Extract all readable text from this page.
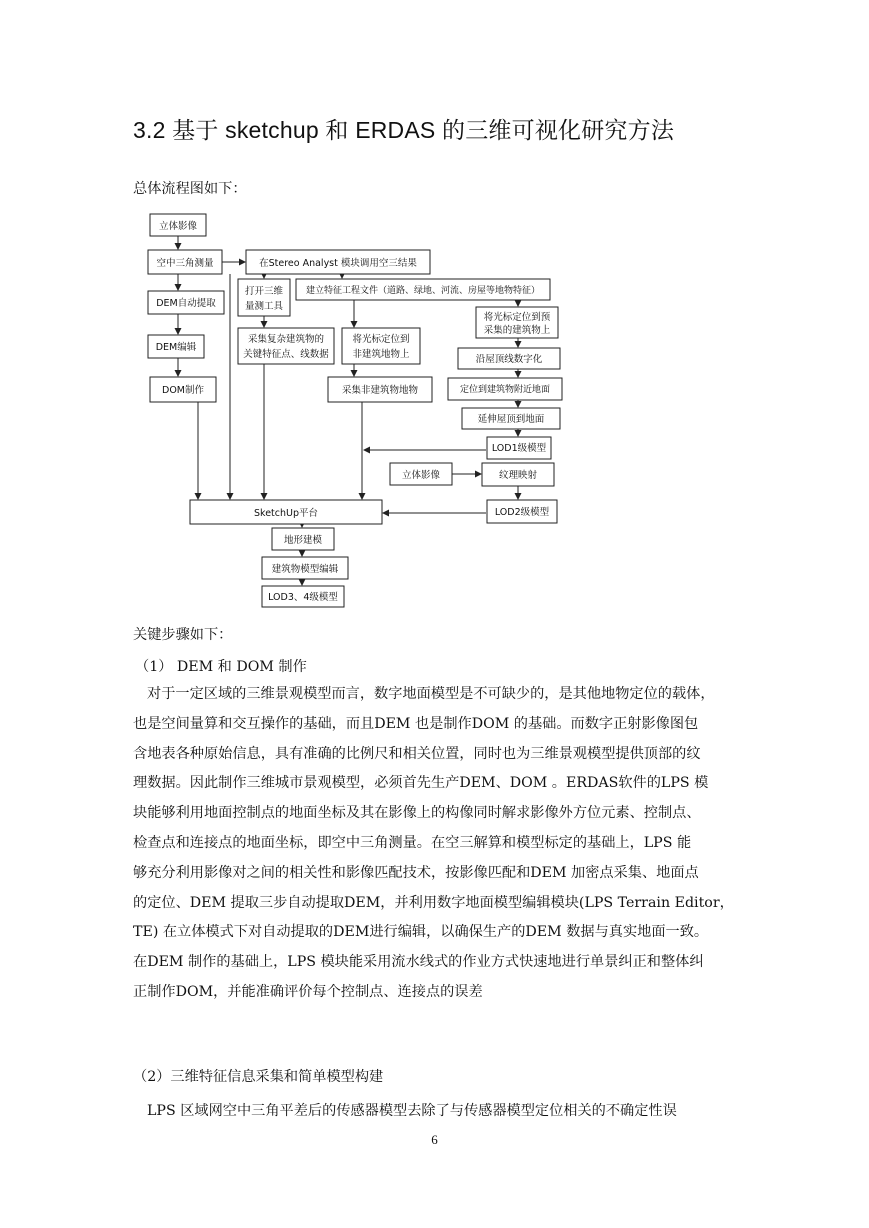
3.2 基于 sketchup 和 ERDAS 的三维可视化研究方法
总体流程图如下：
立体影像
空中三角测量	在Stereo Analyst 模块调用空三结果
DEM自动提取
打开三维
量测工具
建立特征工程文件（道路、绿地、河流、房屋等地物特征）
将光标定位到预
采集的建筑物上
DEM编辑
采集复杂建筑物的
关键特征点、线数据
将光标定位到
非建筑地物上	沿屋顶线数字化
DOM制作	采集非建筑物地物	定位到建筑物附近地面
延伸屋顶到地面
LOD1级模型
立体影像	纹理映射
SketchUp平台	LOD2级模型
地形建模
建筑物模型编辑
LOD3、4级模型
关键步骤如下：
（1） DEM 和 DOM 制作
对于一定区域的三维景观模型而言，数字地面模型是不可缺少的，是其他地物定位的载体，
也是空间量算和交互操作的基础，而且DEM 也是制作DOM 的基础。而数字正射影像图包
含地表各种原始信息，具有准确的比例尺和相关位置，同时也为三维景观模型提供顶部的纹
理数据。因此制作三维城市景观模型，必须首先生产DEM、DOM 。ERDAS软件的LPS 模
块能够利用地面控制点的地面坐标及其在影像上的构像同时解求影像外方位元素、控制点、
检查点和连接点的地面坐标，即空中三角测量。在空三解算和模型标定的基础上，LPS 能
够充分利用影像对之间的相关性和影像匹配技术，按影像匹配和DEM 加密点采集、地面点
的定位、DEM 提取三步自动提取DEM，并利用数字地面模型编辑模块(LPS Terrain Editor，
TE) 在立体模式下对自动提取的DEM进行编辑，以确保生产的DEM 数据与真实地面一致。
在DEM 制作的基础上，LPS 模块能采用流水线式的作业方式快速地进行单景纠正和整体纠
正制作DOM，并能准确评价每个控制点、连接点的误差
（2）三维特征信息采集和简单模型构建
LPS 区域网空中三角平差后的传感器模型去除了与传感器模型定位相关的不确定性误
6
